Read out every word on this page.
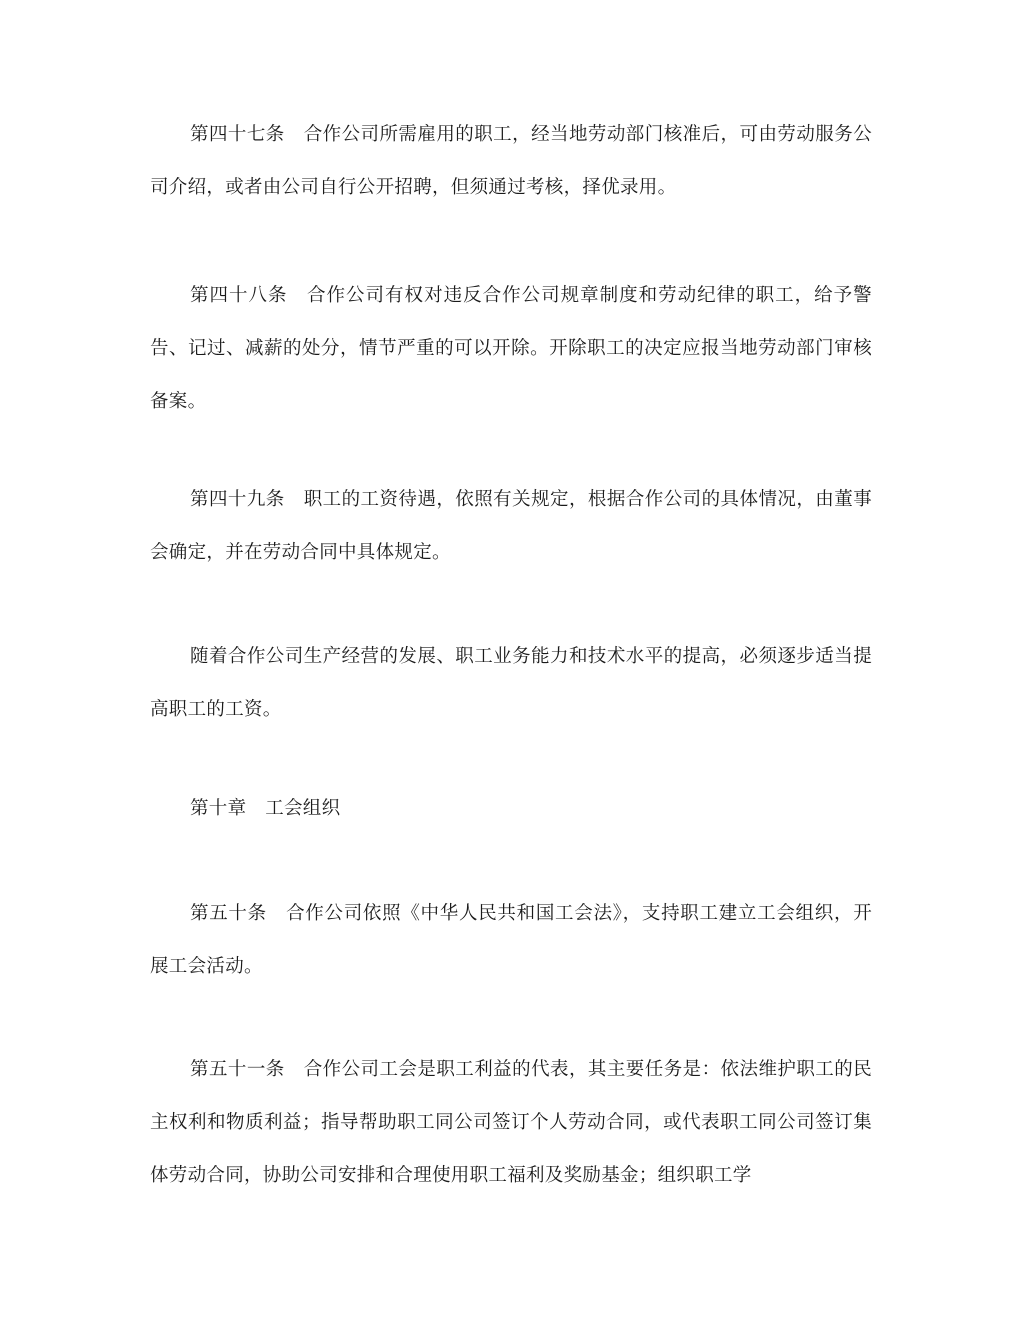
第四十七条　合作公司所需雇用的职工，经当地劳动部门核准后，可由劳动服务公司介绍，或者由公司自行公开招聘，但须通过考核，择优录用。

第四十八条　合作公司有权对违反合作公司规章制度和劳动纪律的职工，给予警告、记过、减薪的处分，情节严重的可以开除。开除职工的决定应报当地劳动部门审核备案。

第四十九条　职工的工资待遇，依照有关规定，根据合作公司的具体情况，由董事会确定，并在劳动合同中具体规定。

随着合作公司生产经营的发展、职工业务能力和技术水平的提高，必须逐步适当提高职工的工资。

第十章　工会组织

第五十条　合作公司依照《中华人民共和国工会法》，支持职工建立工会组织，开展工会活动。

第五十一条　合作公司工会是职工利益的代表，其主要任务是：依法维护职工的民主权利和物质利益；指导帮助职工同公司签订个人劳动合同，或代表职工同公司签订集体劳动合同，协助公司安排和合理使用职工福利及奖励基金；组织职工学
